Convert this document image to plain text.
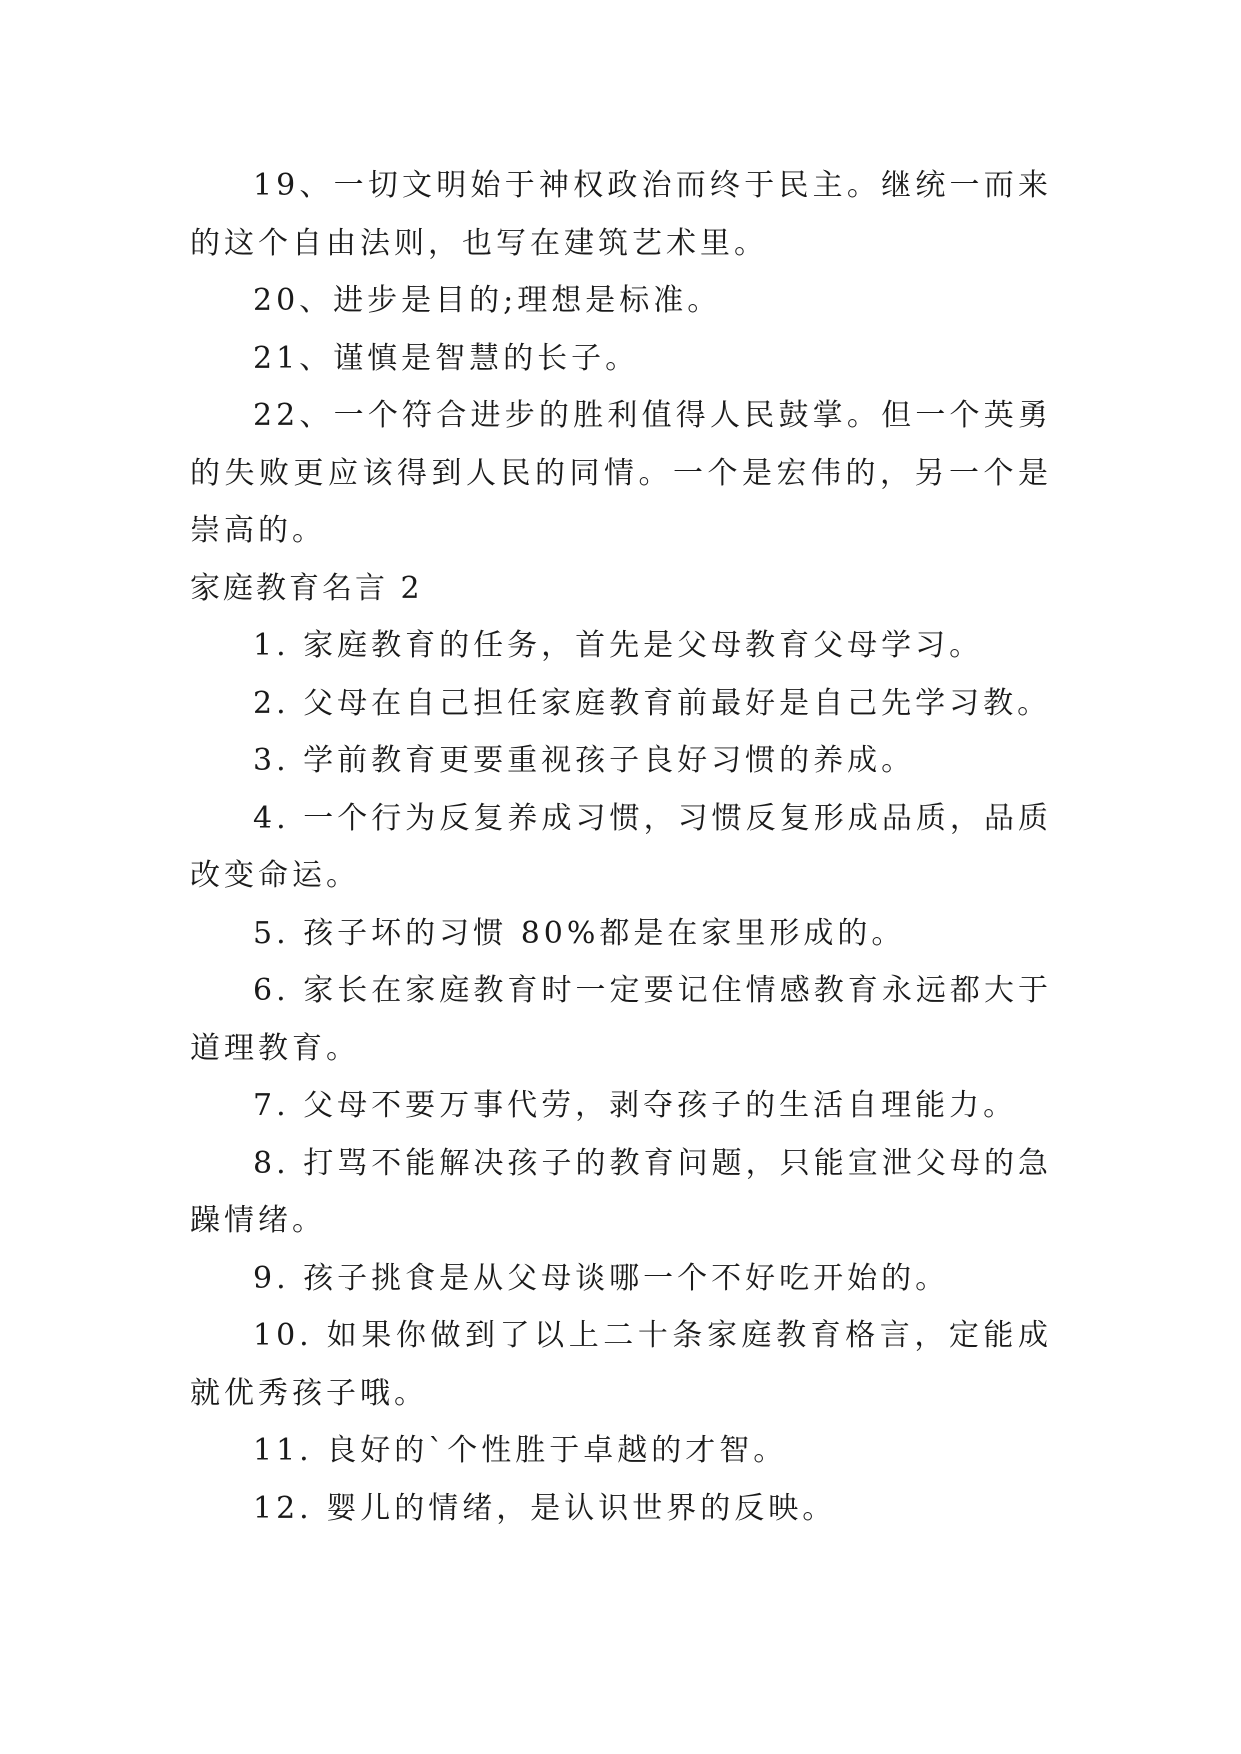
19、一切文明始于神权政治而终于民主。继统一而来的这个自由法则，也写在建筑艺术里。

20、进步是目的;理想是标准。

21、谨慎是智慧的长子。

22、一个符合进步的胜利值得人民鼓掌。但一个英勇的失败更应该得到人民的同情。一个是宏伟的，另一个是崇高的。

家庭教育名言 2

1. 家庭教育的任务，首先是父母教育父母学习。

2. 父母在自己担任家庭教育前最好是自己先学习教。

3. 学前教育更要重视孩子良好习惯的养成。

4. 一个行为反复养成习惯，习惯反复形成品质，品质改变命运。

5. 孩子坏的习惯 80%都是在家里形成的。

6. 家长在家庭教育时一定要记住情感教育永远都大于道理教育。

7. 父母不要万事代劳，剥夺孩子的生活自理能力。

8. 打骂不能解决孩子的教育问题，只能宣泄父母的急躁情绪。

9. 孩子挑食是从父母谈哪一个不好吃开始的。

10. 如果你做到了以上二十条家庭教育格言，定能成就优秀孩子哦。

11. 良好的`个性胜于卓越的才智。

12. 婴儿的情绪，是认识世界的反映。
